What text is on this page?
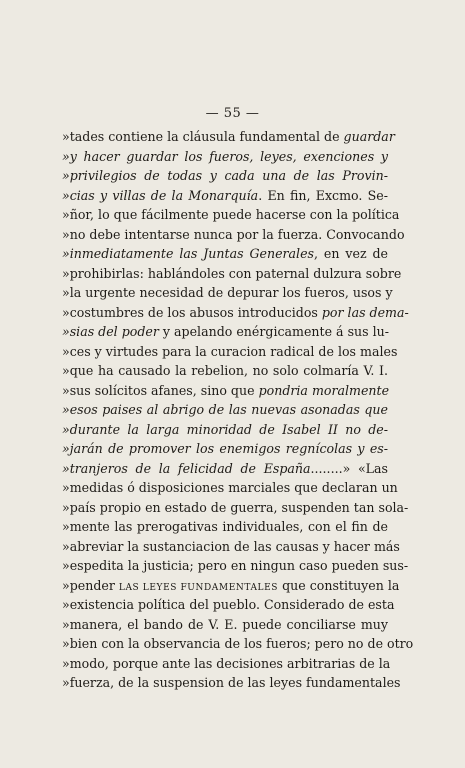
— 55 —
»tades contiene la cláusula fundamental de guardar
»y hacer guardar los fueros, leyes, exenciones y
»privilegios de todas y cada una de las Provin-
»cias y villas de la Monarquía. En fin, Excmo. Se-
»ñor, lo que fácilmente puede hacerse con la política
»no debe intentarse nunca por la fuerza. Convocando
»inmediatamente las Juntas Generales, en vez de
»prohibirlas: hablándoles con paternal dulzura sobre
»la urgente necesidad de depurar los fueros, usos y
»costumbres de los abusos introducidos por las dema-
»sias del poder y apelando enérgicamente á sus lu-
»ces y virtudes para la curacion radical de los males
»que ha causado la rebelion, no solo colmaría V. I.
»sus solícitos afanes, sino que pondria moralmente
»esos paises al abrigo de las nuevas asonadas que
»durante la larga minoridad de Isabel II no de-
»jarán de promover los enemigos regnícolas y es-
»tranjeros de la felicidad de España........» «Las
»medidas ó disposiciones marciales que declaran un
»país propio en estado de guerra, suspenden tan sola-
»mente las prerogativas individuales, con el fin de
»abreviar la sustanciacion de las causas y hacer más
»espedita la justicia; pero en ningun caso pueden sus-
»pender LAS LEYES FUNDAMENTALES que constituyen la
»existencia política del pueblo. Considerado de esta
»manera, el bando de V. E. puede conciliarse muy
»bien con la observancia de los fueros; pero no de otro
»modo, porque ante las decisiones arbitrarias de la
»fuerza, de la suspension de las leyes fundamentales
